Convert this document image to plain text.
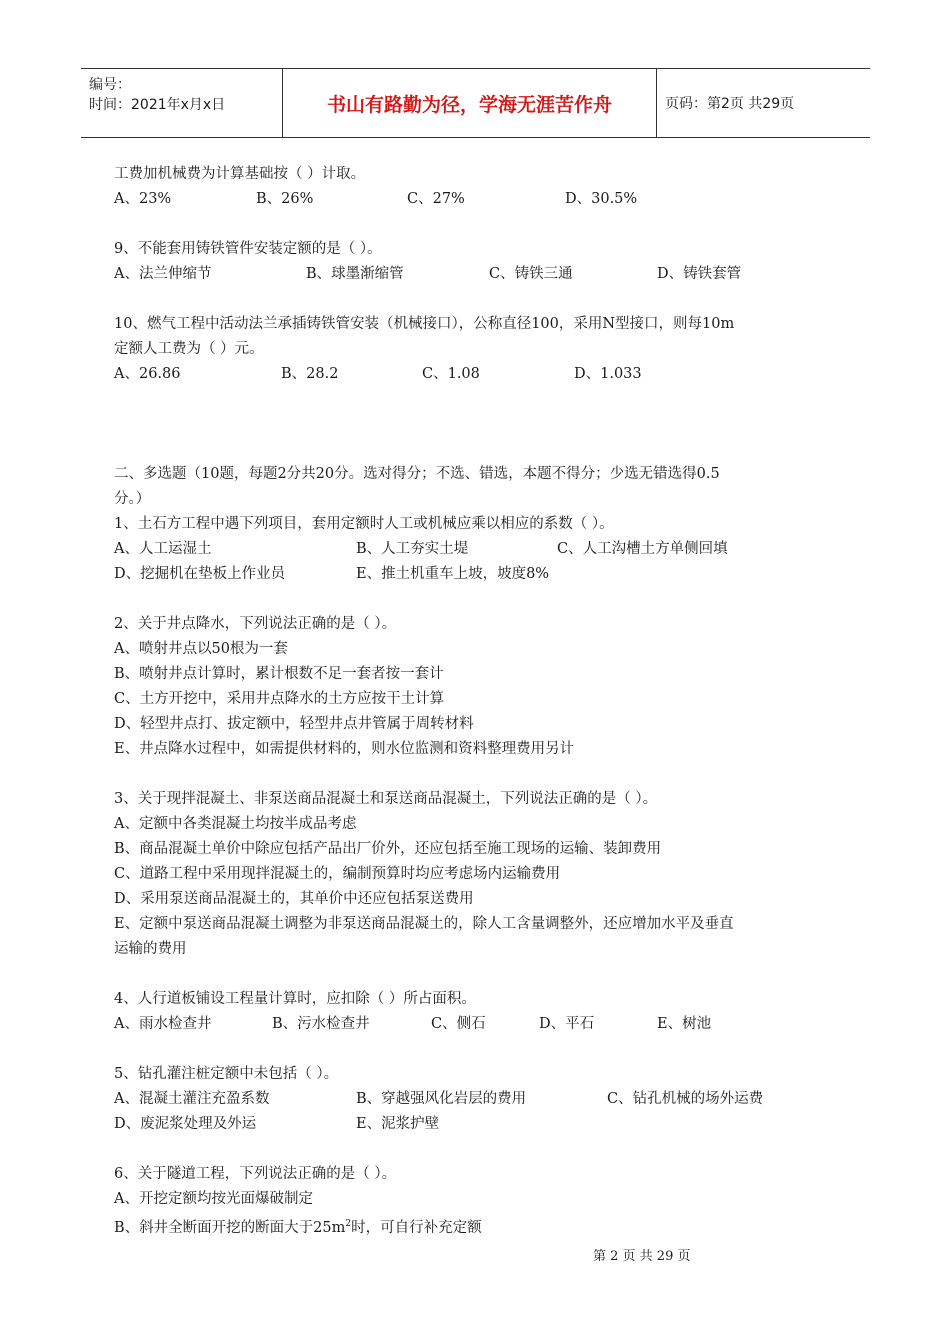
编号：
时间：2021年x月x日	书山有路勤为径，学海无涯苦作舟	页码：第2页 共29页
工费加机械费为计算基础按（ ）计取。
A、23%	B、26%	C、27%	D、30.5%
9、不能套用铸铁管件安装定额的是（ ）。
A、法兰伸缩节	B、球墨渐缩管	C、铸铁三通	D、铸铁套管
10、燃气工程中活动法兰承插铸铁管安装（机械接口），公称直径100，采用N型接口，则每10m
定额人工费为（ ）元。
A、26.86	B、28.2	C、1.08	D、1.033
二、多选题（10题，每题2分共20分。选对得分；不选、错选，本题不得分；少选无错选得0.5
分。）
1、土石方工程中遇下列项目，套用定额时人工或机械应乘以相应的系数（ ）。
A、人工运湿土	B、人工夯实土堤	C、人工沟槽土方单侧回填
D、挖掘机在垫板上作业员	E、推土机重车上坡，坡度8%
2、关于井点降水，下列说法正确的是（ ）。
A、喷射井点以50根为一套
B、喷射井点计算时，累计根数不足一套者按一套计
C、土方开挖中，采用井点降水的土方应按干土计算
D、轻型井点打、拔定额中，轻型井点井管属于周转材料
E、井点降水过程中，如需提供材料的，则水位监测和资料整理费用另计
3、关于现拌混凝土、非泵送商品混凝土和泵送商品混凝土，下列说法正确的是（ ）。
A、定额中各类混凝土均按半成品考虑
B、商品混凝土单价中除应包括产品出厂价外，还应包括至施工现场的运输、装卸费用
C、道路工程中采用现拌混凝土的，编制预算时均应考虑场内运输费用
D、采用泵送商品混凝土的，其单价中还应包括泵送费用
E、定额中泵送商品混凝土调整为非泵送商品混凝土的，除人工含量调整外，还应增加水平及垂直
运输的费用
4、人行道板铺设工程量计算时，应扣除（ ）所占面积。
A、雨水检查井	B、污水检查井	C、侧石	D、平石	E、树池
5、钻孔灌注桩定额中未包括（ ）。
A、混凝土灌注充盈系数	B、穿越强风化岩层的费用	C、钻孔机械的场外运费
D、废泥浆处理及外运	E、泥浆护壁
6、关于隧道工程，下列说法正确的是（ ）。
A、开挖定额均按光面爆破制定
B、斜井全断面开挖的断面大于$25m^2$时，可自行补充定额
第 2 页 共 29 页
